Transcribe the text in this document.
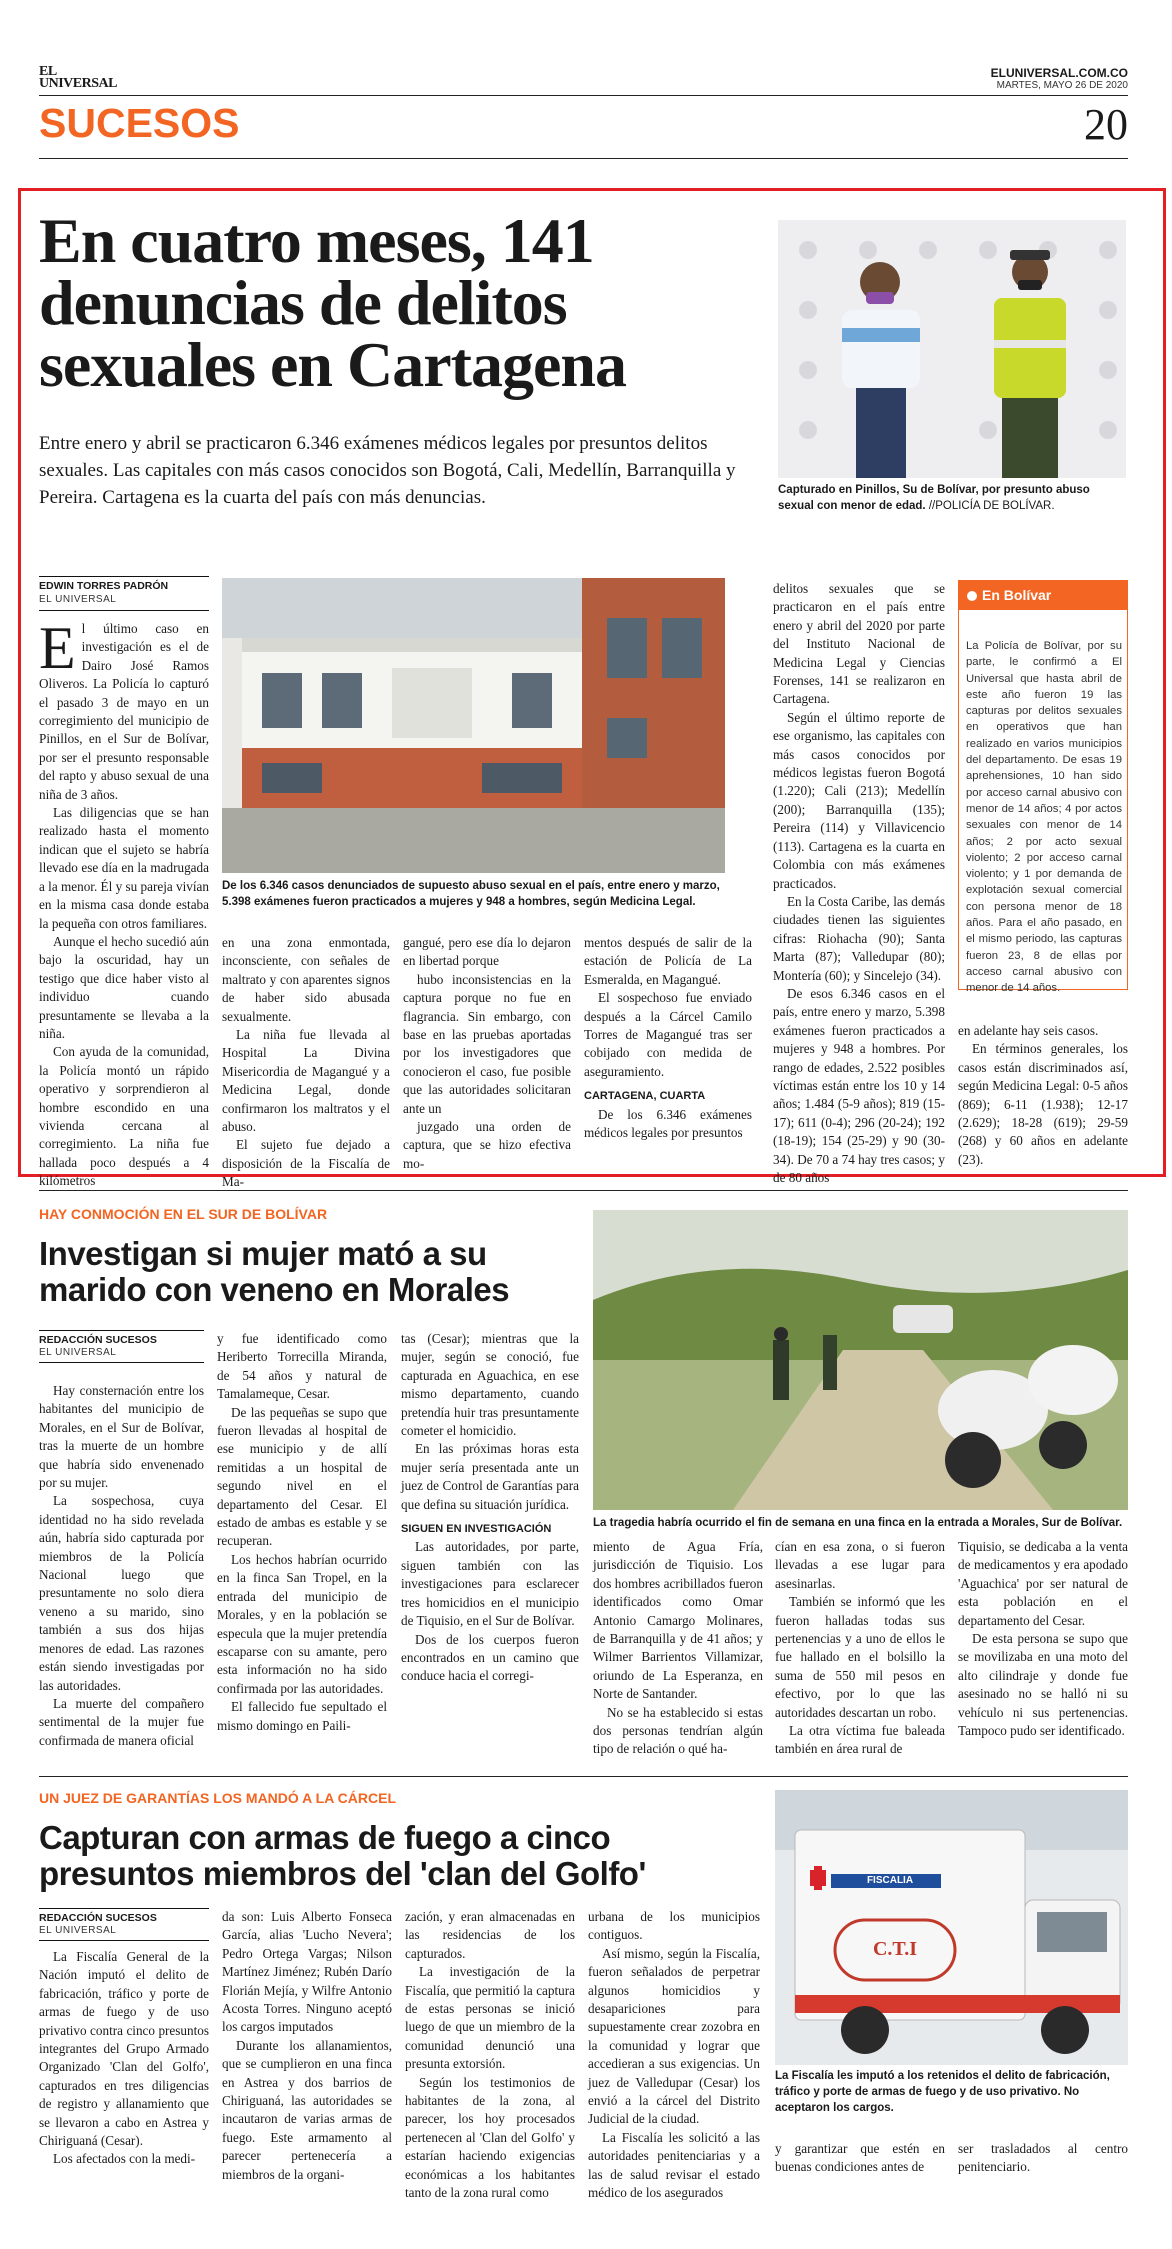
EL
UNIVERSAL
ELUNIVERSAL.COM.CO
MARTES, MAYO 26 DE 2020
SUCESOS	20
En cuatro meses, 141 denuncias de delitos sexuales en Cartagena
Entre enero y abril se practicaron 6.346 exámenes médicos legales por presuntos delitos sexuales. Las capitales con más casos conocidos son Bogotá, Cali, Medellín, Barranquilla y Pereira. Cartagena es la cuarta del país con más denuncias.	Capturado en Pinillos, Su de Bolívar, por presunto abuso sexual con menor de edad. //POLICÍA DE BOLÍVAR.
EDWIN TORRES PADRÓN
EL UNIVERSAL

El último caso en investigación es el de Dairo José Ramos Oliveros. La Policía lo capturó el pasado 3 de mayo en un corregimiento del municipio de Pinillos, en el Sur de Bolívar, por ser el presunto responsable del rapto y abuso sexual de una niña de 3 años.

Las diligencias que se han realizado hasta el momento indican que el sujeto se habría llevado ese día en la madrugada a la menor. Él y su pareja vivían en la misma casa donde estaba la pequeña con otros familiares.

Aunque el hecho sucedió aún bajo la oscuridad, hay un testigo que dice haber visto al individuo cuando presuntamente se llevaba a la niña.

Con ayuda de la comunidad, la Policía montó un rápido operativo y sorprendieron al hombre escondido en una vivienda cercana al corregimiento. La niña fue hallada poco después a 4 kilómetros

De los 6.346 casos denunciados de supuesto abuso sexual en el país, entre enero y marzo, 5.398 exámenes fueron practicados a mujeres y 948 a hombres, según Medicina Legal.

en una zona enmontada, inconsciente, con señales de maltrato y con aparentes signos de haber sido abusada sexualmente.

La niña fue llevada al Hospital La Divina Misericordia de Magangué y a Medicina Legal, donde confirmaron los maltratos y el abuso.

El sujeto fue dejado a disposición de la Fiscalía de Ma-

gangué, pero ese día lo dejaron en libertad porque

hubo inconsistencias en la captura porque no fue en flagrancia. Sin embargo, con base en las pruebas aportadas por los investigadores que conocieron el caso, fue posible que las autoridades solicitaran ante un

juzgado una orden de captura, que se hizo efectiva mo-

mentos después de salir de la estación de Policía de La Esmeralda, en Magangué.

El sospechoso fue enviado después a la Cárcel Camilo Torres de Magangué tras ser cobijado con medida de aseguramiento.

CARTAGENA, CUARTA

De los 6.346 exámenes médicos legales por presuntos

delitos sexuales que se practicaron en el país entre enero y abril del 2020 por parte del Instituto Nacional de Medicina Legal y Ciencias Forenses, 141 se realizaron en Cartagena.

Según el último reporte de ese organismo, las capitales con más casos conocidos por médicos legistas fueron Bogotá (1.220); Cali (213); Medellín (200); Barranquilla (135); Pereira (114) y Villavicencio (113). Cartagena es la cuarta en Colombia con más exámenes practicados.

En la Costa Caribe, las demás ciudades tienen las siguientes cifras: Riohacha (90); Santa Marta (87); Valledupar (80); Montería (60); y Sincelejo (34).

De esos 6.346 casos en el país, entre enero y marzo, 5.398 exámenes fueron practicados a mujeres y 948 a hombres. Por rango de edades, 2.522 posibles víctimas están entre los 10 y 14 años; 1.484 (5-9 años); 819 (15-17); 611 (0-4); 296 (20-24); 192 (18-19); 154 (25-29) y 90 (30-34). De 70 a 74 hay tres casos; y de 80 años

En Bolívar
La Policía de Bolívar, por su parte, le confirmó a El Universal que hasta abril de este año fueron 19 las capturas por delitos sexuales en operativos que han realizado en varios municipios del departamento. De esas 19 aprehensiones, 10 han sido por acceso carnal abusivo con menor de 14 años; 4 por actos sexuales con menor de 14 años; 2 por acto sexual violento; 2 por acceso carnal violento; y 1 por demanda de explotación sexual comercial con persona menor de 18 años. Para el año pasado, en el mismo periodo, las capturas fueron 23, 8 de ellas por acceso carnal abusivo con menor de 14 años.

en adelante hay seis casos.

En términos generales, los casos están discriminados así, según Medicina Legal: 0-5 años (869); 6-11 (1.938); 12-17 (2.629); 18-28 (619); 29-59 (268) y 60 años en adelante (23).

HAY CONMOCIÓN EN EL SUR DE BOLÍVAR
Investigan si mujer mató a su marido con veneno en Morales
La tragedia habría ocurrido el fin de semana en una finca en la entrada a Morales, Sur de Bolívar.
REDACCIÓN SUCESOS
EL UNIVERSAL

Hay consternación entre los habitantes del municipio de Morales, en el Sur de Bolívar, tras la muerte de un hombre que habría sido envenenado por su mujer.

La sospechosa, cuya identidad no ha sido revelada aún, habría sido capturada por miembros de la Policía Nacional luego que presuntamente no solo diera veneno a su marido, sino también a sus dos hijas menores de edad. Las razones están siendo investigadas por las autoridades.

La muerte del compañero sentimental de la mujer fue confirmada de manera oficial

y fue identificado como Heriberto Torrecilla Miranda, de 54 años y natural de Tamalameque, Cesar.

De las pequeñas se supo que fueron llevadas al hospital de ese municipio y de allí remitidas a un hospital de segundo nivel en el departamento del Cesar. El estado de ambas es estable y se recuperan.

Los hechos habrían ocurrido en la finca San Tropel, en la entrada del municipio de Morales, y en la población se especula que la mujer pretendía escaparse con su amante, pero esta información no ha sido confirmada por las autoridades.

El fallecido fue sepultado el mismo domingo en Paili-

tas (Cesar); mientras que la mujer, según se conoció, fue capturada en Aguachica, en ese mismo departamento, cuando pretendía huir tras presuntamente cometer el homicidio.

En las próximas horas esta mujer sería presentada ante un juez de Control de Garantías para que defina su situación jurídica.

SIGUEN EN INVESTIGACIÓN

Las autoridades, por parte, siguen también con las investigaciones para esclarecer tres homicidios en el municipio de Tiquisio, en el Sur de Bolívar.

Dos de los cuerpos fueron encontrados en un camino que conduce hacia el corregi-

miento de Agua Fría, jurisdicción de Tiquisio. Los dos hombres acribillados fueron identificados como Omar Antonio Camargo Molinares, de Barranquilla y de 41 años; y Wilmer Barrientos Villamizar, oriundo de La Esperanza, en Norte de Santander.

No se ha establecido si estas dos personas tendrían algún tipo de relación o qué ha-

cían en esa zona, o si fueron llevadas a ese lugar para asesinarlas.

También se informó que les fueron halladas todas sus pertenencias y a uno de ellos le fue hallado en el bolsillo la suma de 550 mil pesos en efectivo, por lo que las autoridades descartan un robo.

La otra víctima fue baleada también en área rural de

Tiquisio, se dedicaba a la venta de medicamentos y era apodado 'Aguachica' por ser natural de esta población en el departamento del Cesar.

De esta persona se supo que se movilizaba en una moto del alto cilindraje y donde fue asesinado no se halló ni su vehículo ni sus pertenencias. Tampoco pudo ser identificado.

UN JUEZ DE GARANTÍAS LOS MANDÓ A LA CÁRCEL
Capturan con armas de fuego a cinco presuntos miembros del 'clan del Golfo'	FISCALIA
C.T.I
La Fiscalía les imputó a los retenidos el delito de fabricación, tráfico y porte de armas de fuego y de uso privativo. No aceptaron los cargos.
REDACCIÓN SUCESOS
EL UNIVERSAL

La Fiscalía General de la Nación imputó el delito de fabricación, tráfico y porte de armas de fuego y de uso privativo contra cinco presuntos integrantes del Grupo Armado Organizado 'Clan del Golfo', capturados en tres diligencias de registro y allanamiento que se llevaron a cabo en Astrea y Chiriguaná (Cesar).

Los afectados con la medi-

da son: Luis Alberto Fonseca García, alias 'Lucho Nevera'; Pedro Ortega Vargas; Nilson Martínez Jiménez; Rubén Darío Florián Mejía, y Wilfre Antonio Acosta Torres. Ninguno aceptó los cargos imputados

Durante los allanamientos, que se cumplieron en una finca en Astrea y dos barrios de Chiriguaná, las autoridades se incautaron de varias armas de fuego. Este armamento al parecer pertenecería a miembros de la organi-

zación, y eran almacenadas en las residencias de los capturados.

La investigación de la Fiscalía, que permitió la captura de estas personas se inició luego de que un miembro de la comunidad denunció una presunta extorsión.

Según los testimonios de habitantes de la zona, al parecer, los hoy procesados pertenecen al 'Clan del Golfo' y estarían haciendo exigencias económicas a los habitantes tanto de la zona rural como

urbana de los municipios contiguos.

Así mismo, según la Fiscalía, fueron señalados de perpetrar algunos homicidios y desapariciones para supuestamente crear zozobra en la comunidad y lograr que accedieran a sus exigencias. Un juez de Valledupar (Cesar) los envió a la cárcel del Distrito Judicial de la ciudad.

La Fiscalía les solicitó a las autoridades penitenciarias y a las de salud revisar el estado médico de los asegurados

y garantizar que estén en buenas condiciones antes de

ser trasladados al centro penitenciario.
